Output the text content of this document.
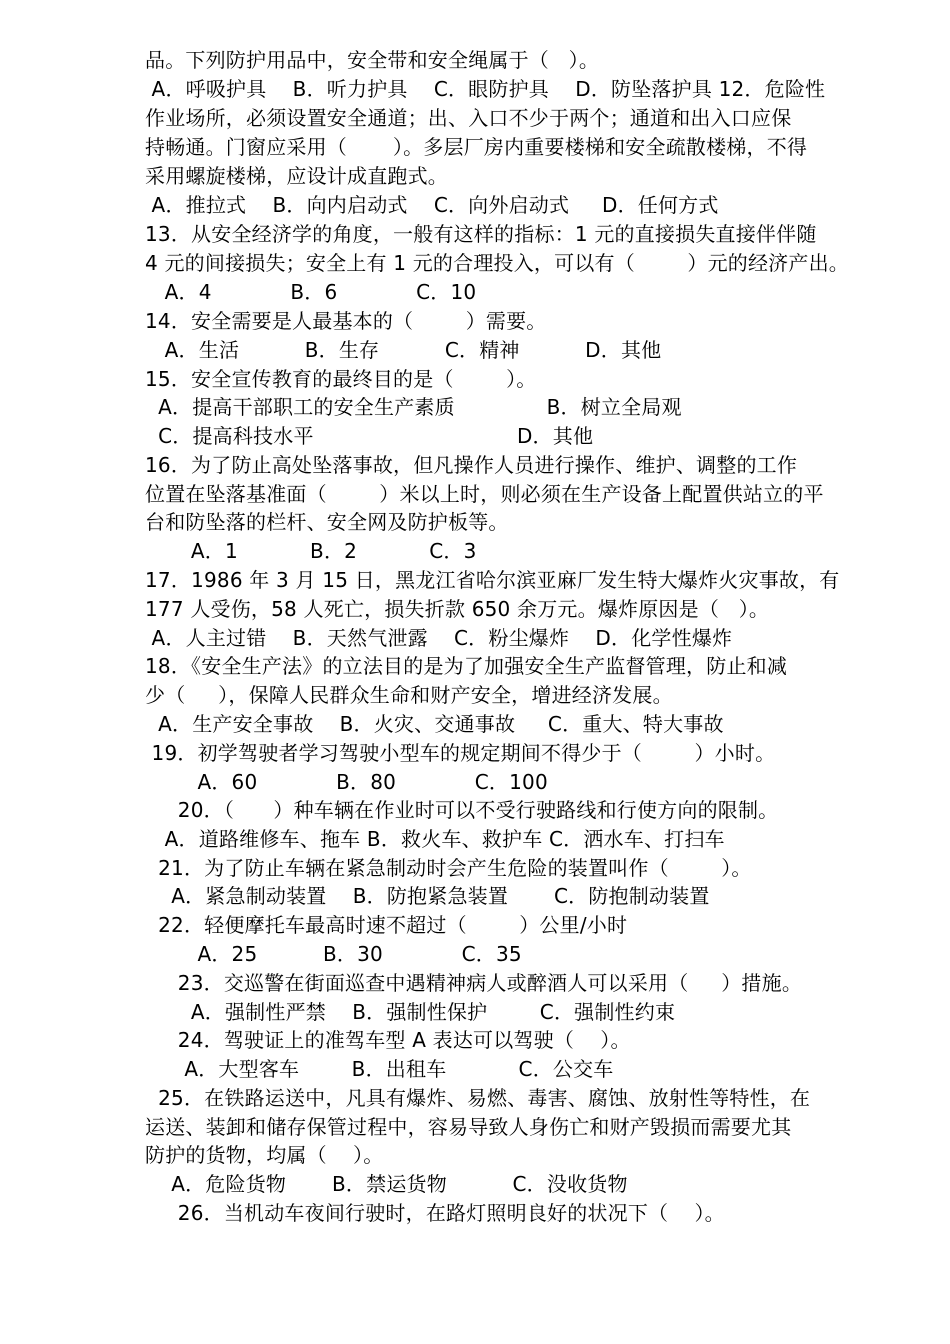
品。下列防护用品中，安全带和安全绳属于（   ）。
A．呼吸护具    B．听力护具    C．眼防护具    D．防坠落护具 12．危险性
作业场所，必须设置安全通道；出、入口不少于两个；通道和出入口应保
持畅通。门窗应采用（       ）。多层厂房内重要楼梯和安全疏散楼梯，不得
采用螺旋楼梯，应设计成直跑式。
A．推拉式    B．向内启动式    C．向外启动式     D．任何方式
13．从安全经济学的角度，一般有这样的指标：1 元的直接损失直接伴伴随
4 元的间接损失；安全上有 1 元的合理投入，可以有（        ）元的经济产出。
A．4            B．6            C．10
14．安全需要是人最基本的（        ）需要。
A．生活          B．生存          C．精神          D．其他
15．安全宣传教育的最终目的是（        ）。
A．提高干部职工的安全生产素质              B．树立全局观
C．提高科技水平                               D．其他
16．为了防止高处坠落事故，但凡操作人员进行操作、维护、调整的工作
位置在坠落基准面（        ）米以上时，则必须在生产设备上配置供站立的平
台和防坠落的栏杆、安全网及防护板等。
A．1           B．2           C．3
17．1986 年 3 月 15 日，黑龙江省哈尔滨亚麻厂发生特大爆炸火灾事故，有
177 人受伤，58 人死亡，损失折款 650 余万元。爆炸原因是（   ）。
A．人主过错    B．天然气泄露    C．粉尘爆炸    D．化学性爆炸
18．《安全生产法》的立法目的是为了加强安全生产监督管理，防止和减
少（     ），保障人民群众生命和财产安全，增进经济发展。
A．生产安全事故    B．火灾、交通事故     C．重大、特大事故
19．初学驾驶者学习驾驶小型车的规定期间不得少于（        ）小时。
A．60            B．80            C．100
20．（      ）种车辆在作业时可以不受行驶路线和行使方向的限制。
A．道路维修车、拖车 B．救火车、救护车 C．洒水车、打扫车
21．为了防止车辆在紧急制动时会产生危险的装置叫作（        ）。
A．紧急制动装置    B．防抱紧急装置       C．防抱制动装置
22．轻便摩托车最高时速不超过（        ）公里/小时
A．25          B．30            C．35
23．交巡警在街面巡查中遇精神病人或醉酒人可以采用（     ）措施。
A．强制性严禁    B．强制性保护        C．强制性约束
24．驾驶证上的准驾车型 A 表达可以驾驶（    ）。
A．大型客车        B．出租车           C．公交车
25．在铁路运送中，凡具有爆炸、易燃、毒害、腐蚀、放射性等特性，在
运送、装卸和储存保管过程中，容易导致人身伤亡和财产毁损而需要尤其
防护的货物，均属（    ）。
A．危险货物       B．禁运货物          C．没收货物
26．当机动车夜间行驶时，在路灯照明良好的状况下（    ）。
